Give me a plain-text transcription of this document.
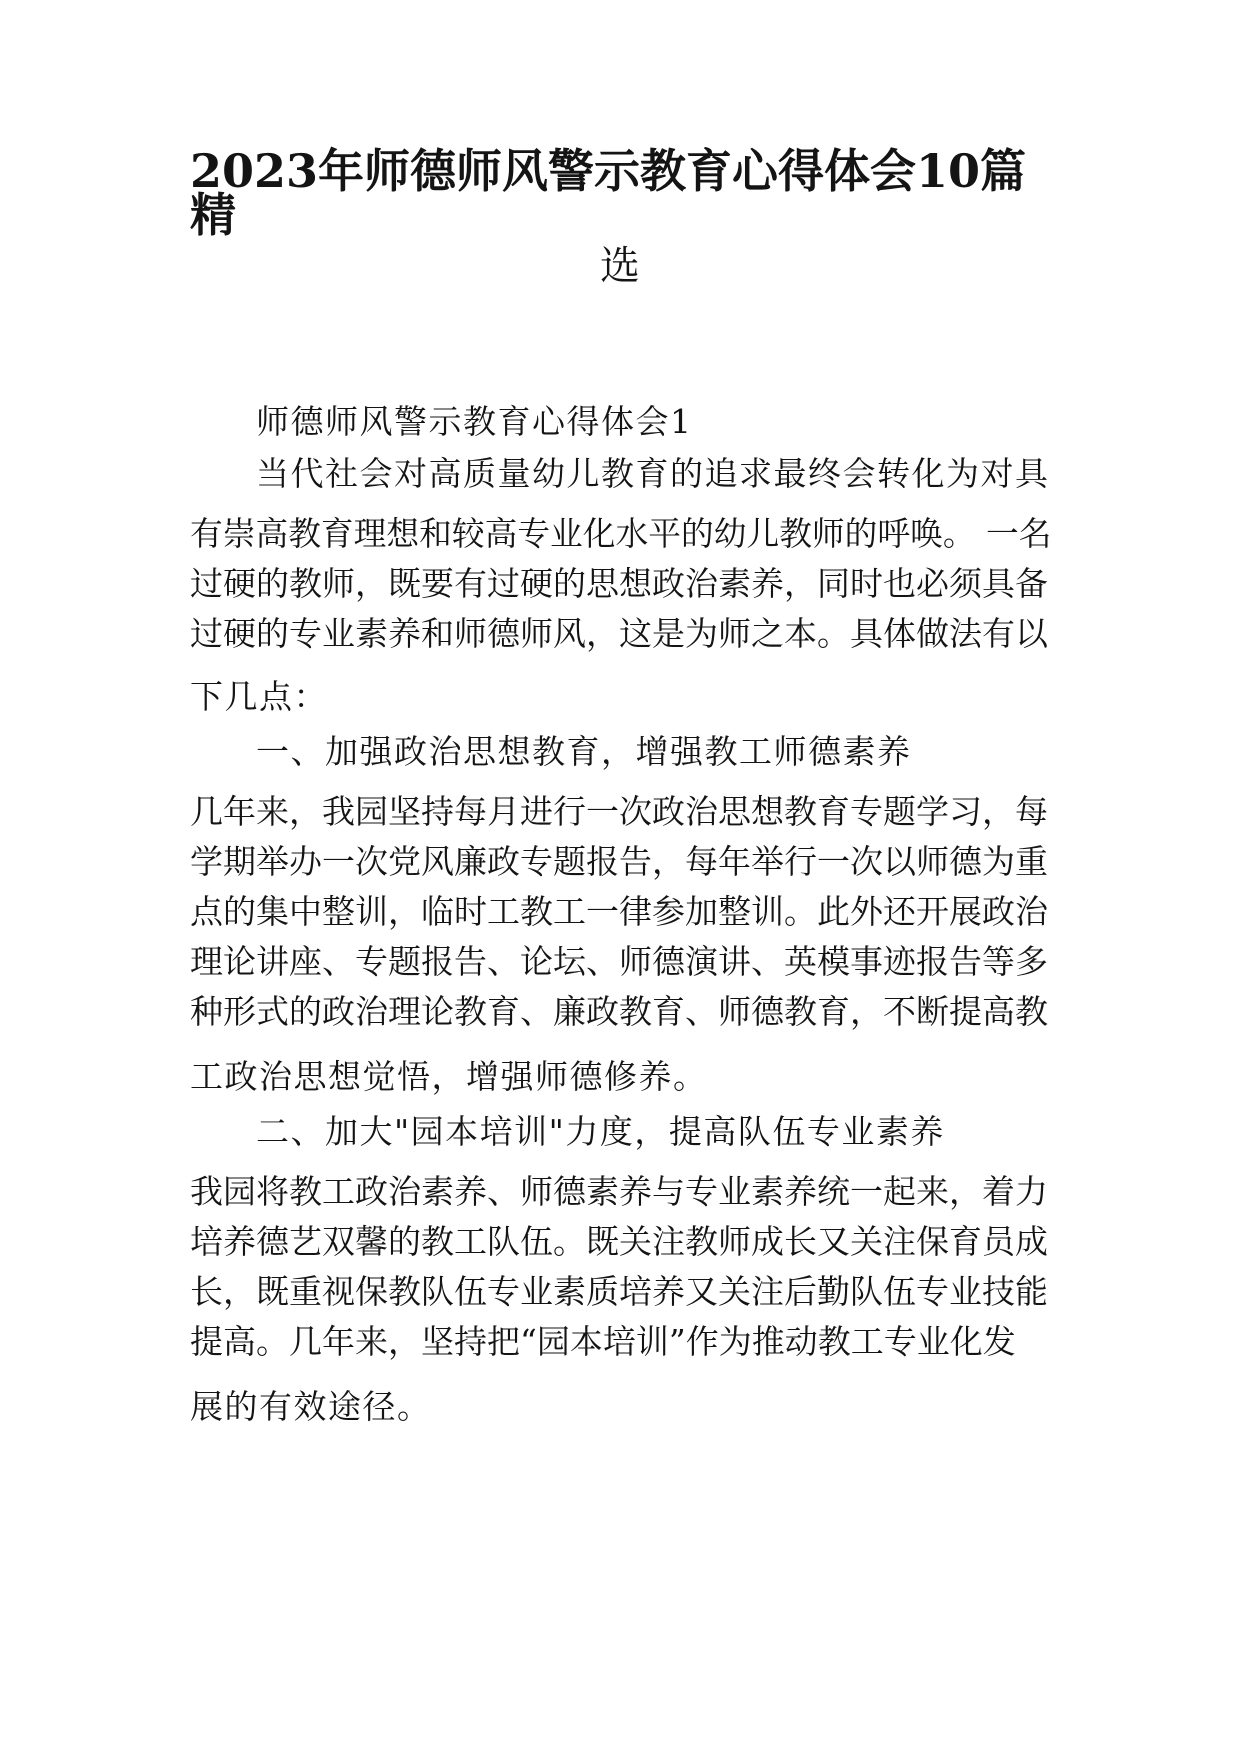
2023年师德师风警示教育心得体会10篇
精
选
师德师风警示教育心得体会1
当代社会对高质量幼儿教育的追求最终会转化为对具
有崇高教育理想和较高专业化水平的幼儿教师的呼唤。 一名
过硬的教师，既要有过硬的思想政治素养，同时也必须具备
过硬的专业素养和师德师风，这是为师之本。具体做法有以
下几点：
一、加强政治思想教育，增强教工师德素养
几年来，我园坚持每月进行一次政治思想教育专题学习，每
学期举办一次党风廉政专题报告，每年举行一次以师德为重
点的集中整训，临时工教工一律参加整训。此外还开展政治
理论讲座、专题报告、论坛、师德演讲、英模事迹报告等多
种形式的政治理论教育、廉政教育、师德教育，不断提高教
工政治思想觉悟，增强师德修养。
二、加大"园本培训"力度，提高队伍专业素养
我园将教工政治素养、师德素养与专业素养统一起来，着力
培养德艺双馨的教工队伍。既关注教师成长又关注保育员成
长，既重视保教队伍专业素质培养又关注后勤队伍专业技能
提高。几年来，坚持把“园本培训”作为推动教工专业化发
展的有效途径。
